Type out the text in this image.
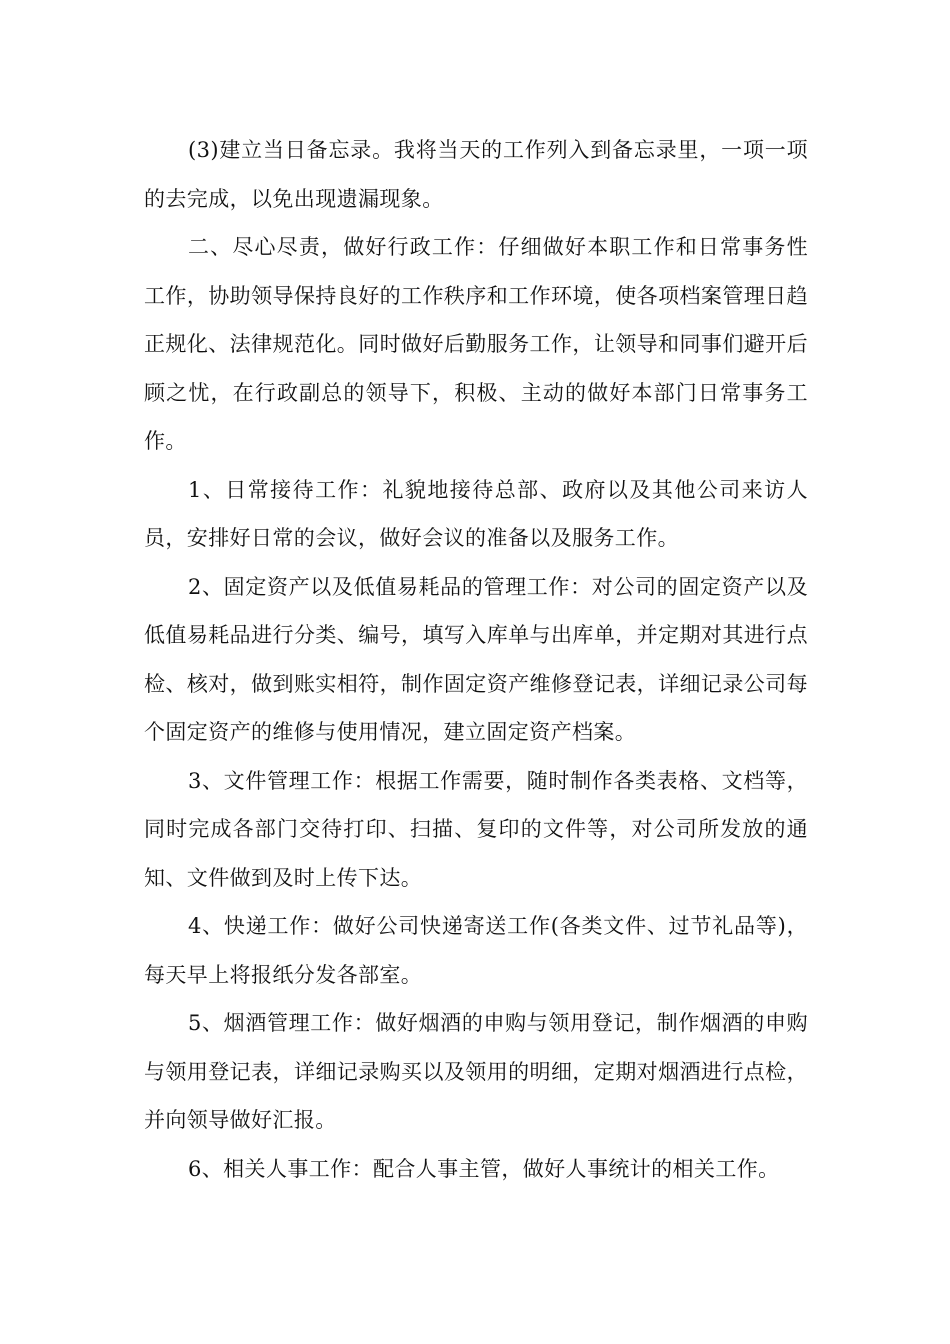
(3)建立当日备忘录。我将当天的工作列入到备忘录里，一项一项的去完成，以免出现遗漏现象。

二、尽心尽责，做好行政工作：仔细做好本职工作和日常事务性工作，协助领导保持良好的工作秩序和工作环境，使各项档案管理日趋正规化、法律规范化。同时做好后勤服务工作，让领导和同事们避开后顾之忧，在行政副总的领导下，积极、主动的做好本部门日常事务工作。

1、日常接待工作：礼貌地接待总部、政府以及其他公司来访人员，安排好日常的会议，做好会议的准备以及服务工作。

2、固定资产以及低值易耗品的管理工作：对公司的固定资产以及低值易耗品进行分类、编号，填写入库单与出库单，并定期对其进行点检、核对，做到账实相符，制作固定资产维修登记表，详细记录公司每个固定资产的维修与使用情况，建立固定资产档案。

3、文件管理工作：根据工作需要，随时制作各类表格、文档等，同时完成各部门交待打印、扫描、复印的文件等，对公司所发放的通知、文件做到及时上传下达。

4、快递工作：做好公司快递寄送工作(各类文件、过节礼品等)，每天早上将报纸分发各部室。

5、烟酒管理工作：做好烟酒的申购与领用登记，制作烟酒的申购与领用登记表，详细记录购买以及领用的明细，定期对烟酒进行点检，并向领导做好汇报。

6、相关人事工作：配合人事主管，做好人事统计的相关工作。
